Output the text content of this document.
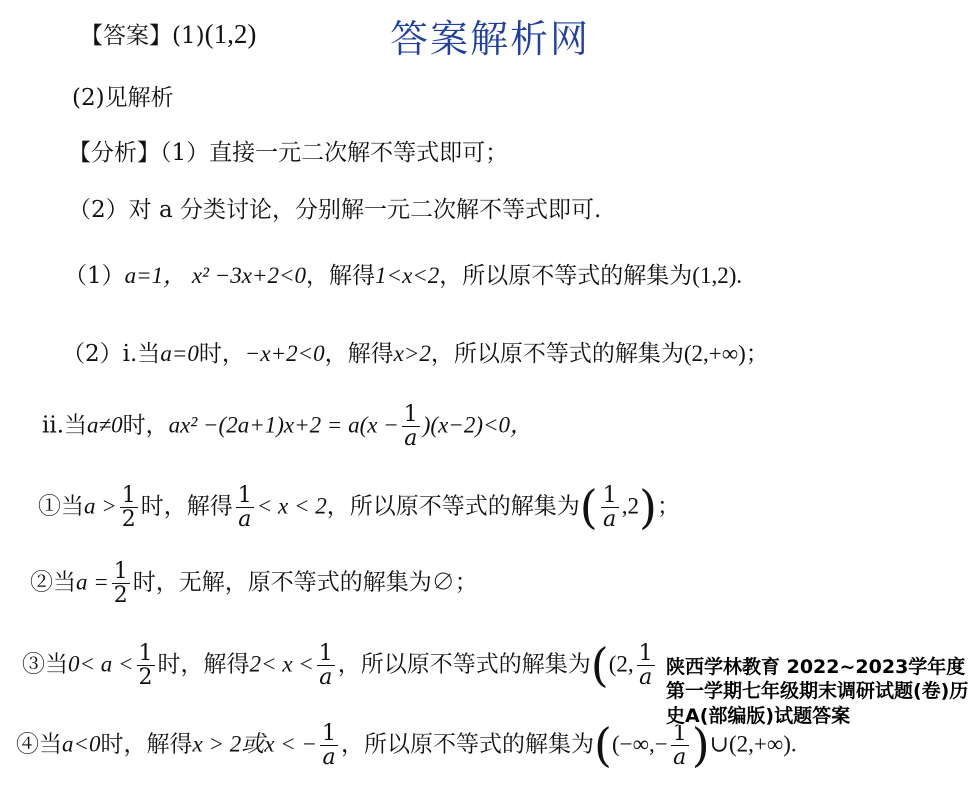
答案解析网
【答案】(1)(1,2)
(2)见解析
【分析】（1）直接一元二次解不等式即可；
（2）对 a 分类讨论，分别解一元二次解不等式即可.
（1）a=1， x² −3x+2<0，解得1<x<2，所以原不等式的解集为(1,2).
（2）i.当a=0时，−x+2<0，解得x>2，所以原不等式的解集为(2,+∞)；
ii.当a≠0时，$ax^2 -(2a+1)x+2 = a(x - \frac{1}{a} )(x-2)<0$，
①当$a > \frac{1}{2}$ 时，解得 $\frac{1}{a} < x < 2$，所以原不等式的解集为( $\frac{1}{a} ,2$)；
②当$a = \frac{1}{2}$ 时，无解，原不等式的解集为∅；
③当$0< a < \frac{1}{2}$ 时，解得$2< x < \frac{1}{a}$ ，所以原不等式的解集为((2, $\frac{1}{a}$
④当a<0时，解得x > 2或x < − $\frac{1}{a}$ ，所以原不等式的解集为((−∞,− $\frac{1}{a}$ )∪(2,+∞).
陕西学林教育 2022~2023学年度第一学期七年级期末调研试题(卷)历史A(部编版)试题答案
